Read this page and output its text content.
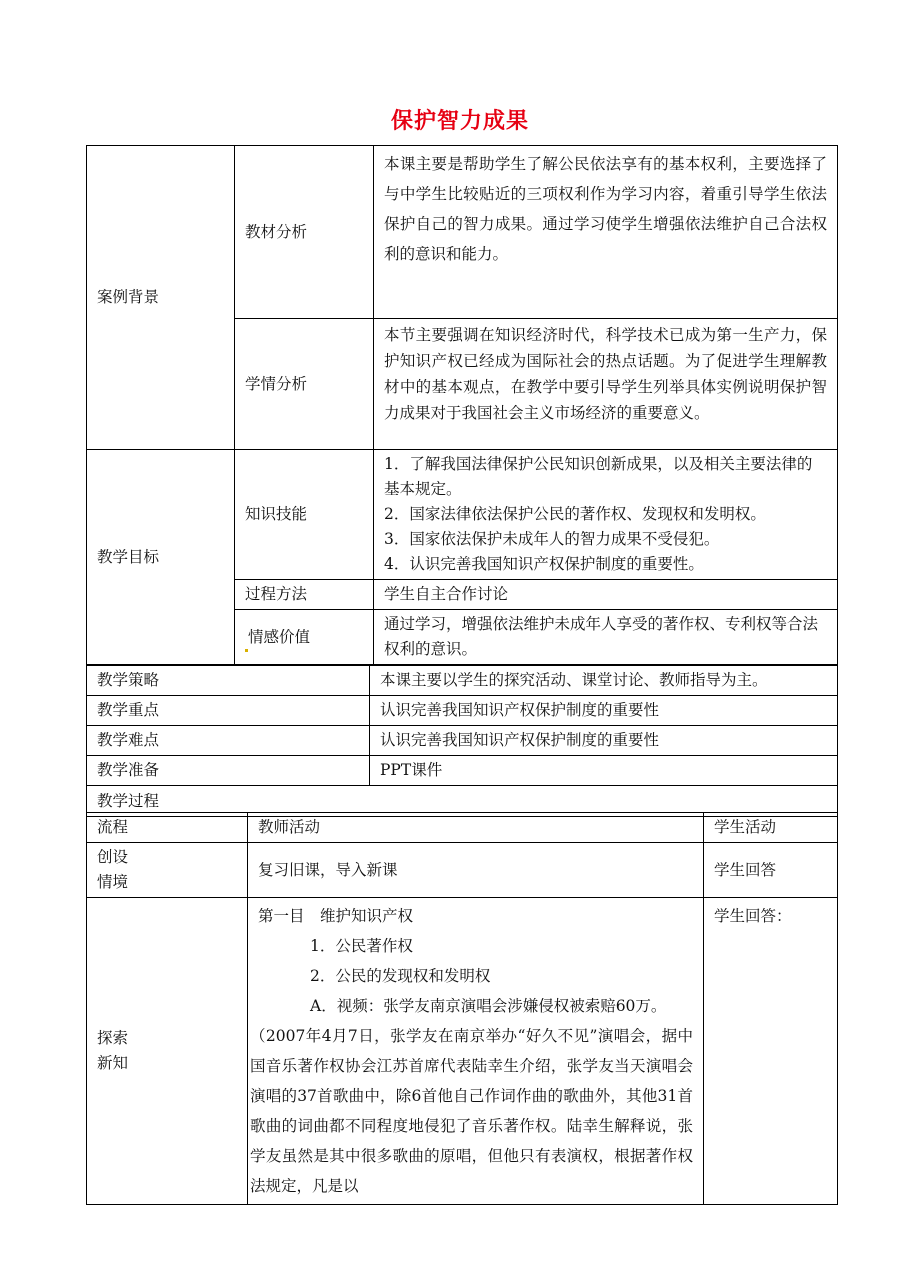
保护智力成果
案例背景	教材分析	本课主要是帮助学生了解公民依法享有的基本权利，主要选择了与中学生比较贴近的三项权利作为学习内容，着重引导学生依法保护自己的智力成果。通过学习使学生增强依法维护自己合法权利的意识和能力。
	学情分析	本节主要强调在知识经济时代，科学技术已成为第一生产力，保护知识产权已经成为国际社会的热点话题。为了促进学生理解教材中的基本观点，在教学中要引导学生列举具体实例说明保护智力成果对于我国社会主义市场经济的重要意义。
教学目标	知识技能	1．了解我国法律保护公民知识创新成果，以及相关主要法律的基本规定。
2．国家法律依法保护公民的著作权、发现权和发明权。
3．国家依法保护未成年人的智力成果不受侵犯。
4．认识完善我国知识产权保护制度的重要性。

	过程方法	学生自主合作讨论
	情感价值	通过学习，增强依法维护未成年人享受的著作权、专利权等合法权利的意识。
教学策略	本课主要以学生的探究活动、课堂讨论、教师指导为主。
教学重点	认识完善我国知识产权保护制度的重要性
教学难点	认识完善我国知识产权保护制度的重要性
教学准备	PPT课件
教学过程	
流程	教师活动	学生活动

创设
情境	复习旧课，导入新课	学生回答

探索
新知	第一目　维护知识产权
1．公民著作权
2．公民的发现权和发明权
A．视频：张学友南京演唱会涉嫌侵权被索赔60万。
（2007年4月7日，张学友在南京举办“好久不见”演唱会，据中国音乐著作权协会江苏首席代表陆幸生介绍，张学友当天演唱会演唱的37首歌曲中，除6首他自己作词作曲的歌曲外，其他31首歌曲的词曲都不同程度地侵犯了音乐著作权。陆幸生解释说，张学友虽然是其中很多歌曲的原唱，但他只有表演权，根据著作权法规定，凡是以	学生回答：
